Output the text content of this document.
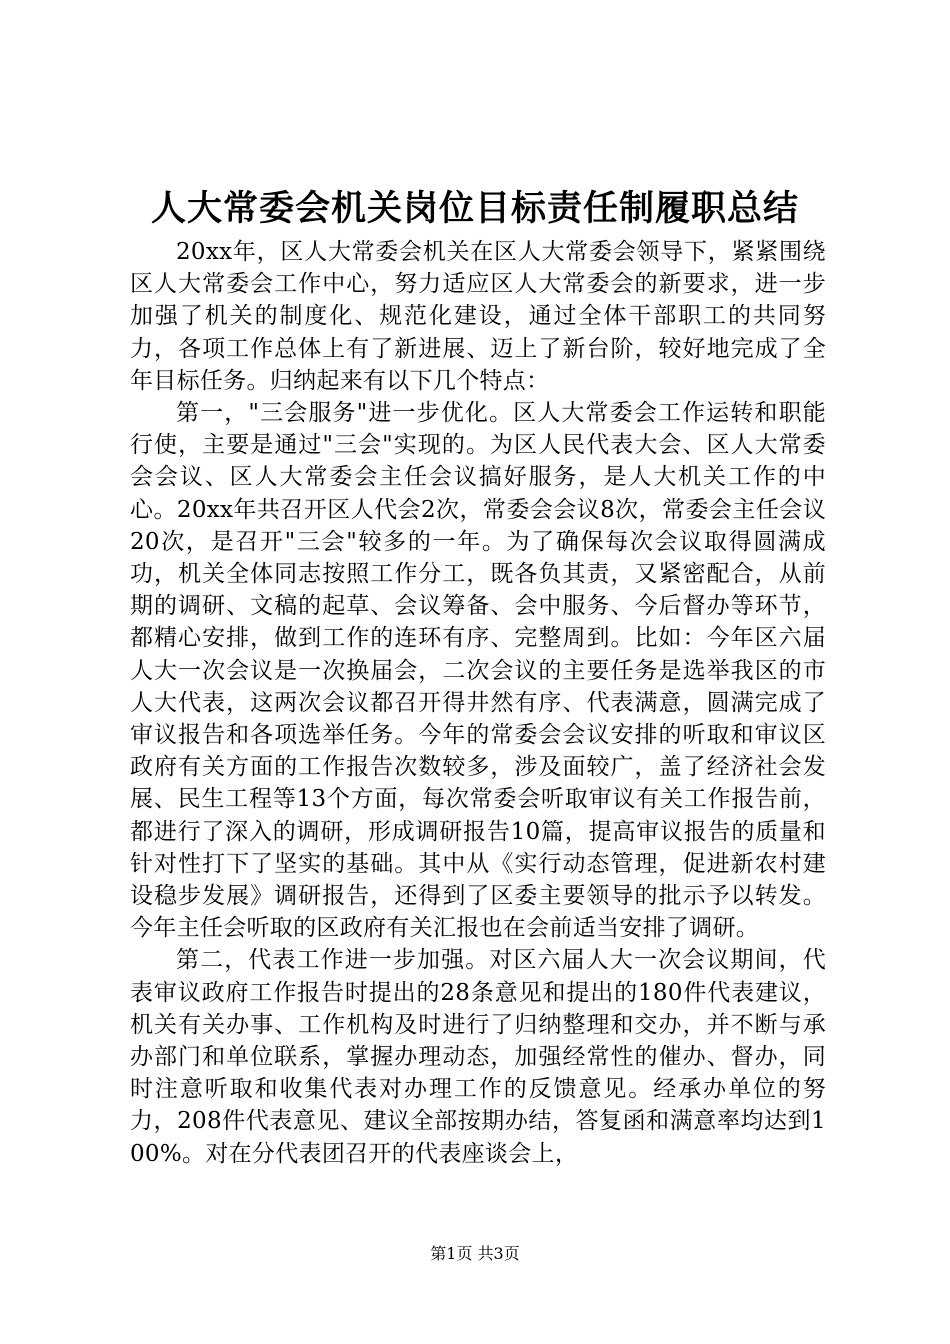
人大常委会机关岗位目标责任制履职总结

20xx年，区人大常委会机关在区人大常委会领导下，紧紧围绕区人大常委会工作中心，努力适应区人大常委会的新要求，进一步加强了机关的制度化、规范化建设，通过全体干部职工的共同努力，各项工作总体上有了新进展、迈上了新台阶，较好地完成了全年目标任务。归纳起来有以下几个特点：

第一，"三会服务"进一步优化。区人大常委会工作运转和职能行使，主要是通过"三会"实现的。为区人民代表大会、区人大常委会会议、区人大常委会主任会议搞好服务，是人大机关工作的中心。20xx年共召开区人代会2次，常委会会议8次，常委会主任会议20次，是召开"三会"较多的一年。为了确保每次会议取得圆满成功，机关全体同志按照工作分工，既各负其责，又紧密配合，从前期的调研、文稿的起草、会议筹备、会中服务、今后督办等环节，都精心安排，做到工作的连环有序、完整周到。比如：今年区六届人大一次会议是一次换届会，二次会议的主要任务是选举我区的市人大代表，这两次会议都召开得井然有序、代表满意，圆满完成了审议报告和各项选举任务。今年的常委会会议安排的听取和审议区政府有关方面的工作报告次数较多，涉及面较广，盖了经济社会发展、民生工程等13个方面，每次常委会听取审议有关工作报告前，都进行了深入的调研，形成调研报告10篇，提高审议报告的质量和针对性打下了坚实的基础。其中从《实行动态管理，促进新农村建设稳步发展》调研报告，还得到了区委主要领导的批示予以转发。今年主任会听取的区政府有关汇报也在会前适当安排了调研。

第二，代表工作进一步加强。对区六届人大一次会议期间，代表审议政府工作报告时提出的28条意见和提出的180件代表建议，机关有关办事、工作机构及时进行了归纳整理和交办，并不断与承办部门和单位联系，掌握办理动态，加强经常性的催办、督办，同时注意听取和收集代表对办理工作的反馈意见。经承办单位的努力，208件代表意见、建议全部按期办结，答复函和满意率均达到100%。对在分代表团召开的代表座谈会上，

第1页 共3页
